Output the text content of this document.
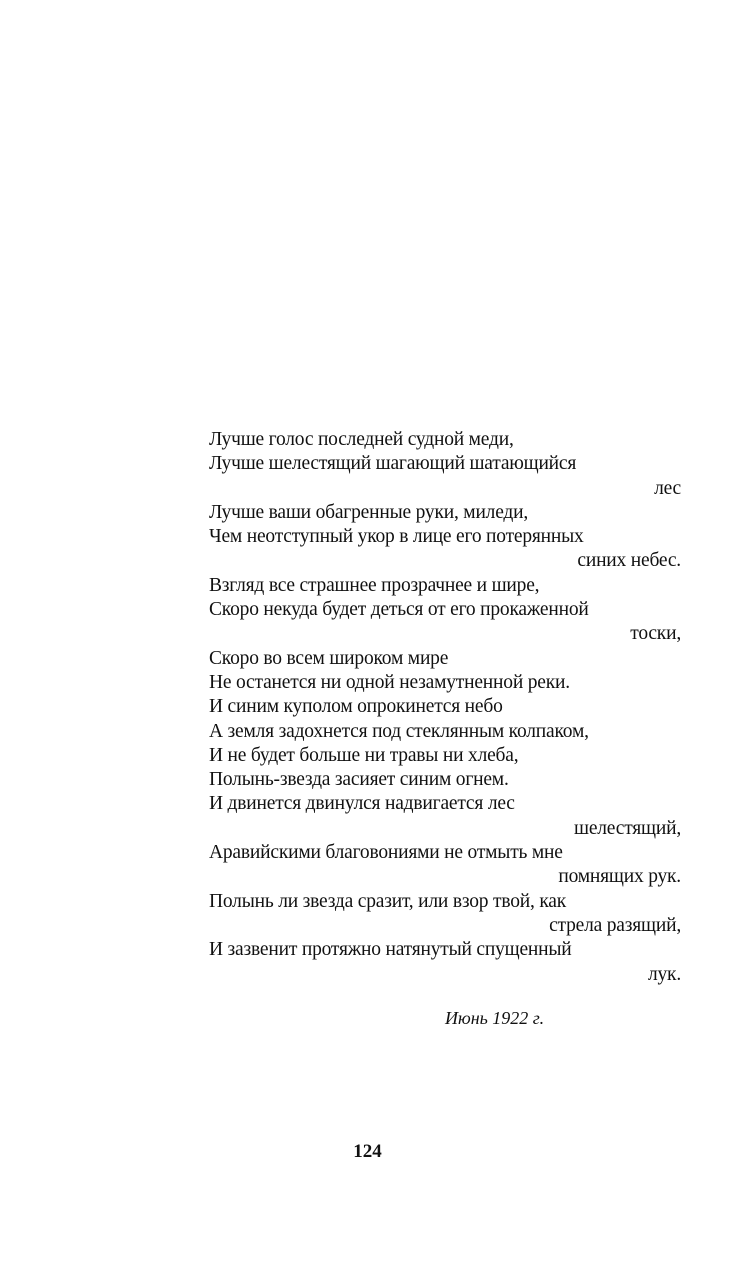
Лучше голос последней судной меди,
Лучше шелестящий шагающий шатающийся
лес
Лучше ваши обагренные руки, миледи,
Чем неотступный укор в лице его потерянных
синих небес.
Взгляд все страшнее прозрачнее и шире,
Скоро некуда будет деться от его прокаженной
тоски,
Скоро во всем широком мире
Не останется ни одной незамутненной реки.
И синим куполом опрокинется небо
А земля задохнется под стеклянным колпаком,
И не будет больше ни травы ни хлеба,
Полынь-звезда засияет синим огнем.
И двинется двинулся надвигается лес
шелестящий,
Аравийскими благовониями не отмыть мне
помнящих рук.
Полынь ли звезда сразит, или взор твой, как
стрела разящий,
И зазвенит протяжно натянутый спущенный
лук.
Июнь 1922 г.
124
